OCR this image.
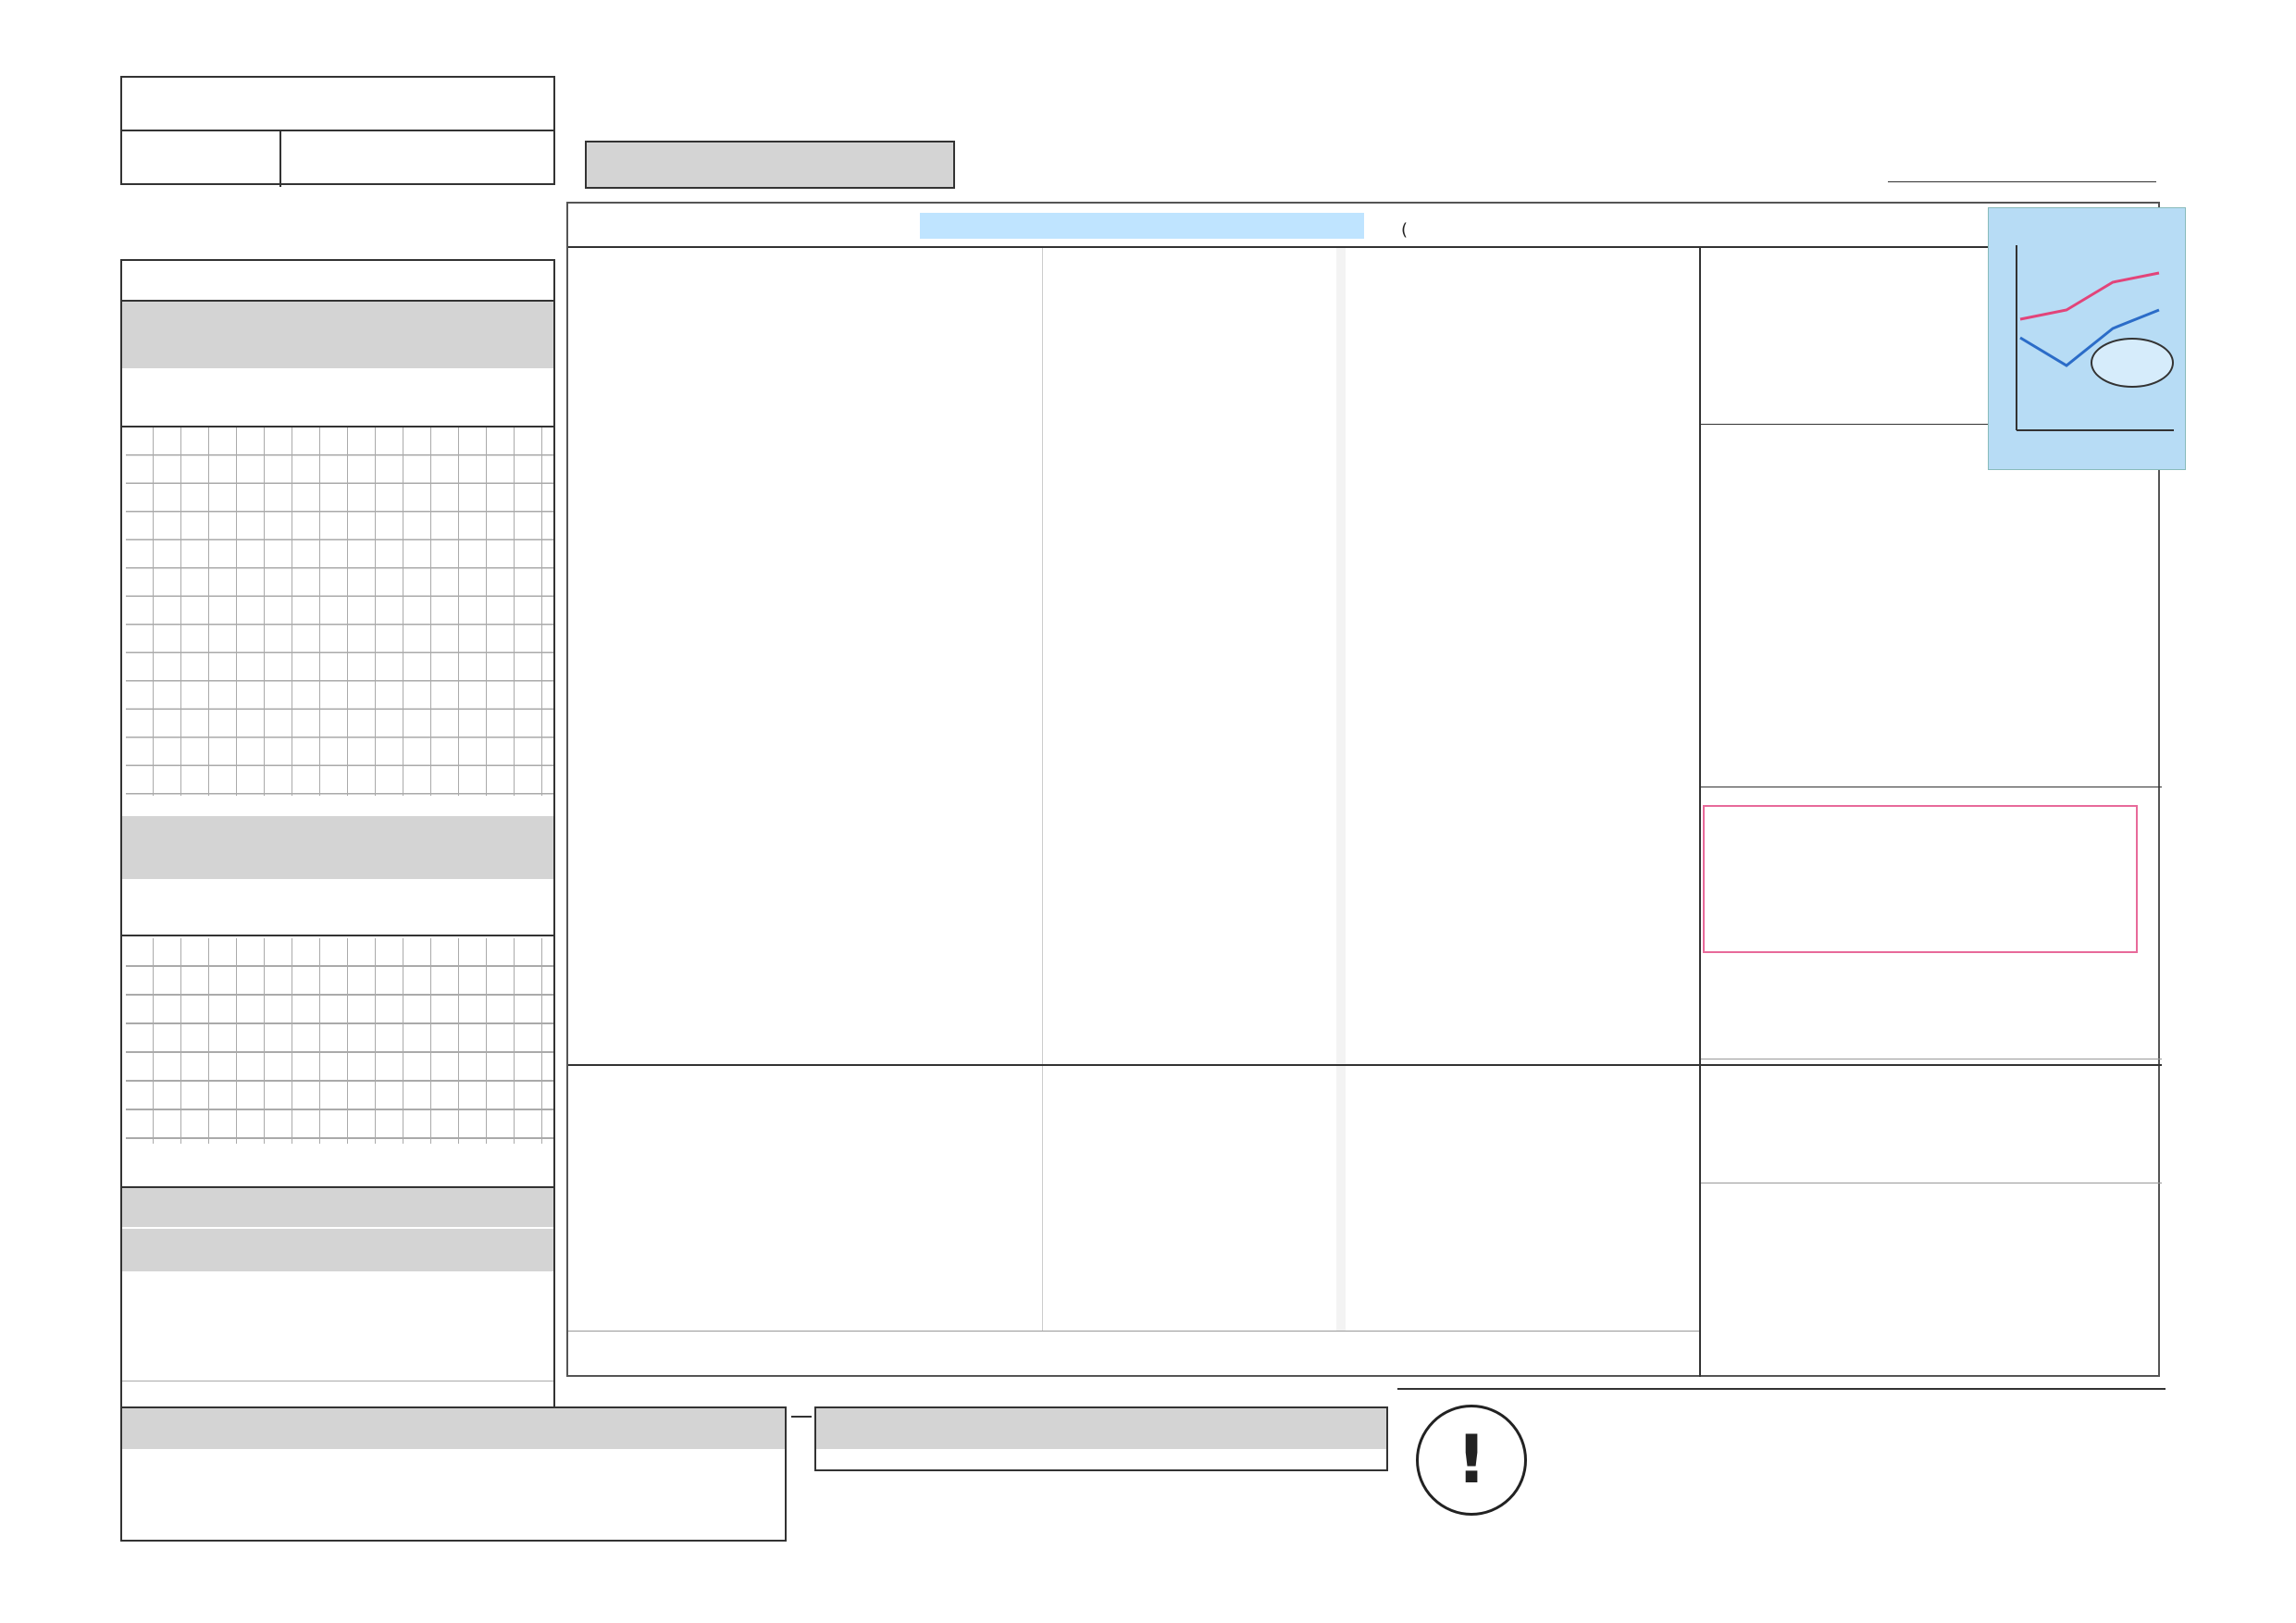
(
!
